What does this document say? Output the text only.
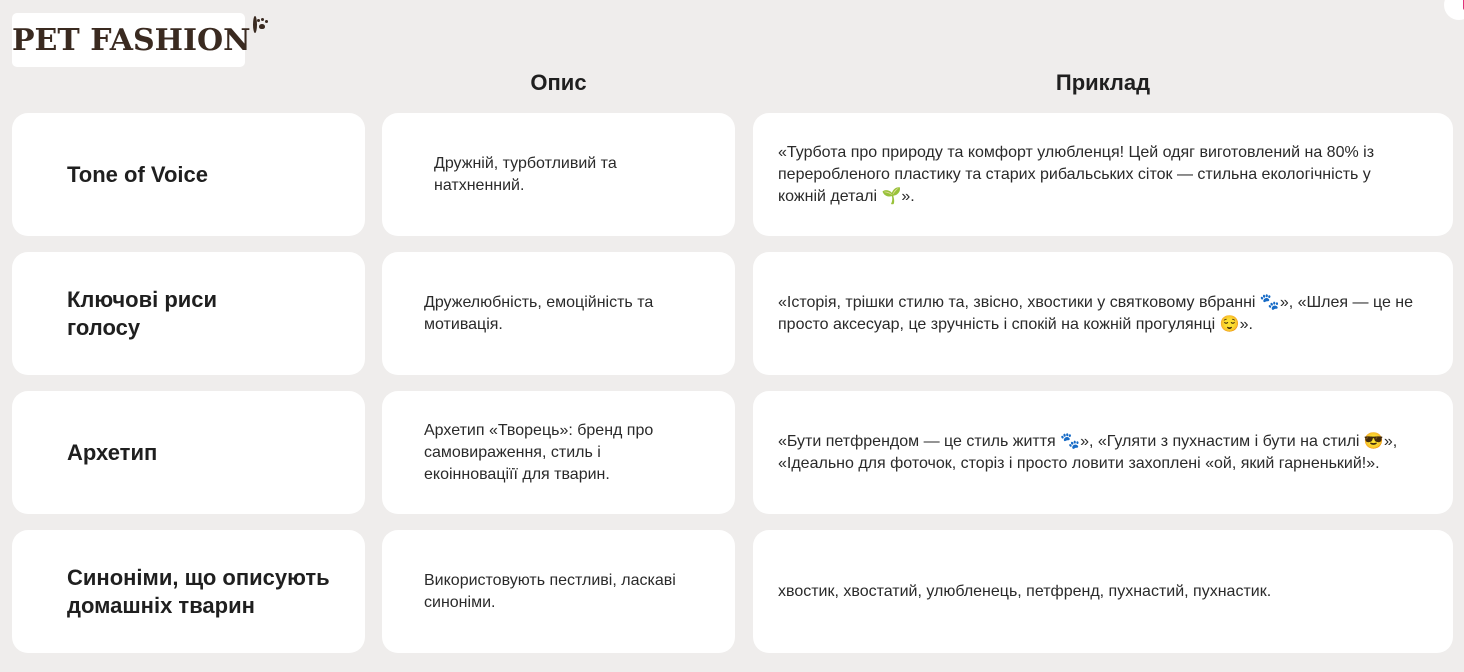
PET FASHION
Опис	Приклад
Tone of Voice	Дружній, турботливий та натхненний.
«Турбота про природу та комфорт улюбленця! Цей одяг виготовлений на 80% із переробленого пластику та старих рибальських сіток — стильна екологічність у кожній деталі 🌱».
Ключові риси голосу
Дружелюбність, емоційність та мотивація.
«Історія, трішки стилю та, звісно, хвостики у святковому вбранні 🐾», «Шлея — це не просто аксесуар, це зручність і спокій на кожній прогулянці 😌».
Архетип
Архетип «Творець»: бренд про самовираження, стиль і екоінноваціїї для тварин.
«Бути петфрендом — це стиль життя 🐾», «Гуляти з пухнастим і бути на стилі 😎», «Ідеально для фоточок, сторіз і просто ловити захоплені «ой, який гарненький!».
Синоніми, що описують домашніх тварин
Використовують пестливі, лаcкаві синоніми.
хвостик, хвостатий, улюбленець, петфренд, пухнастий, пухнастик.
